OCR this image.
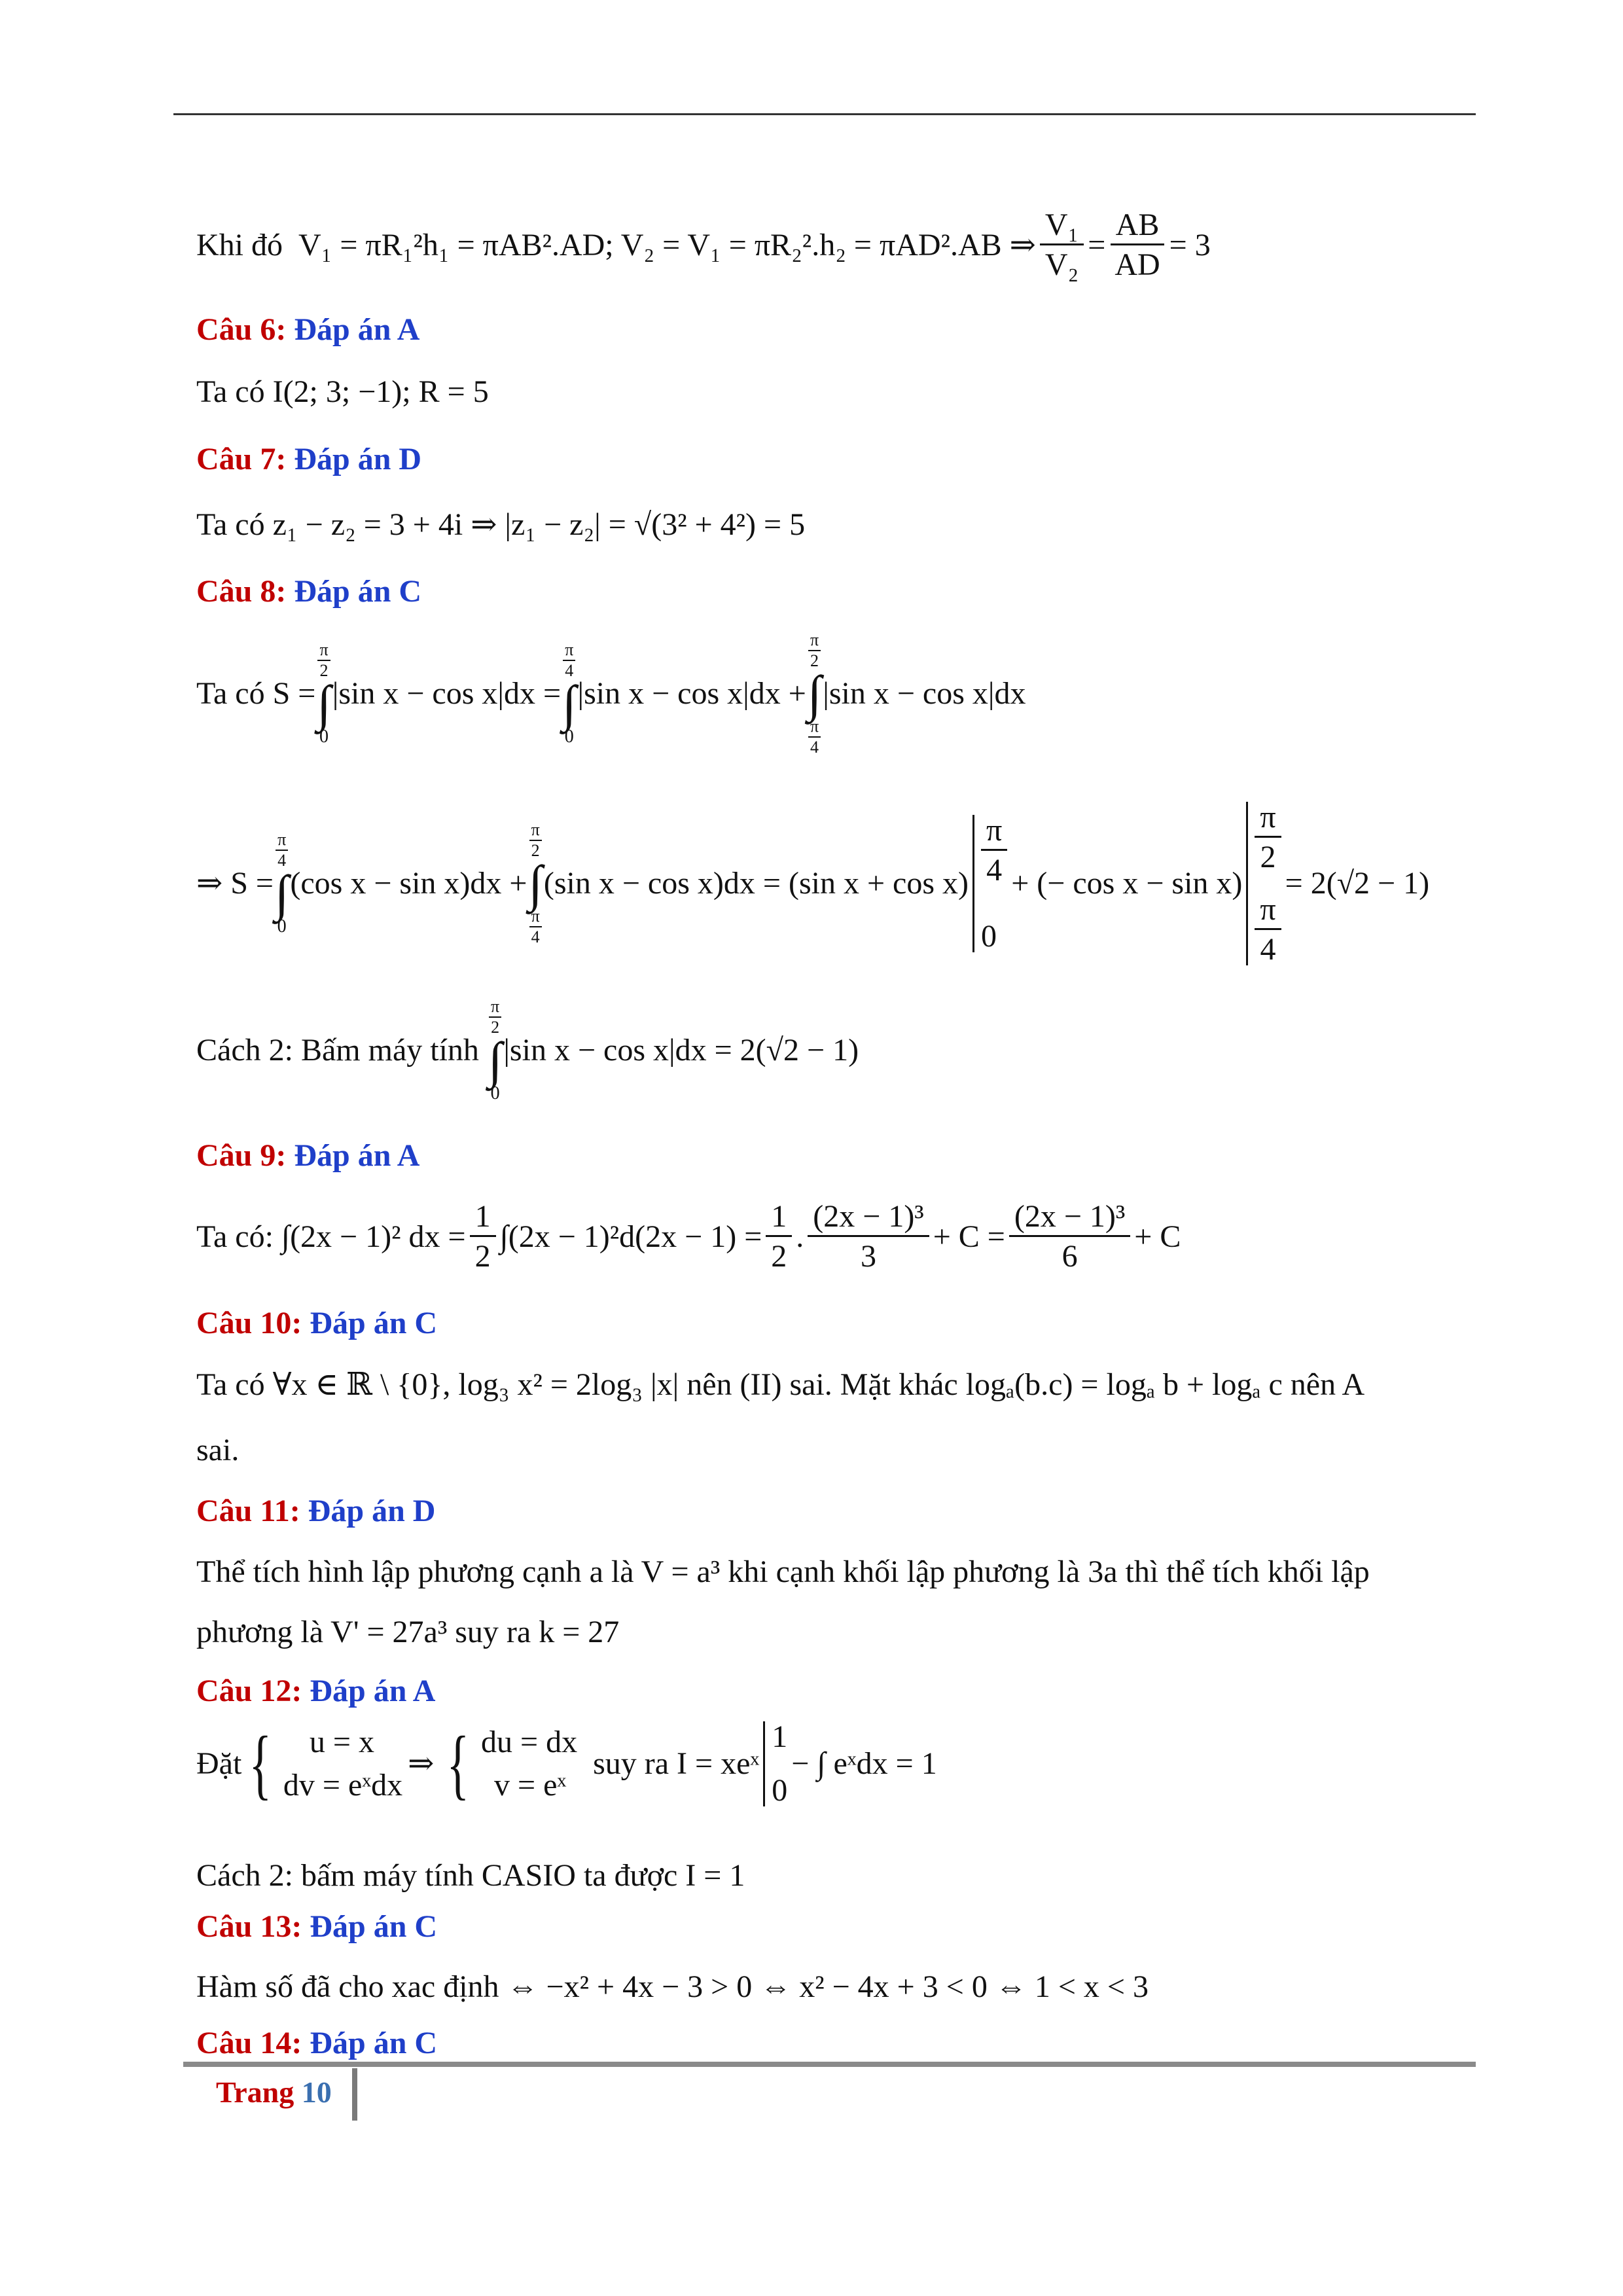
Khi đó
V₁ = πR₁²h₁ = πAB².AD; V₂ = V₁ = πR₂².h₂ = πAD².AB ⇒ $\frac{\text{V₁}}{\text{V₂}} = \frac{AB}{AD} = 3$
Câu 6: Đáp án A
Ta có I(2; 3; −1); R = 5
Câu 7: Đáp án D
Ta có z₁ − z₂ = 3 + 4i ⇒ |z₁ − z₂| = √(3² + 4²) = 5
Câu 8: Đáp án C
Ta có S =
$\frac{\pi}{2}$
∫
0
|sin x − cos x|dx
=
$\frac{\pi}{4}$
∫
0
|sin x − cos x|dx
+
$\frac{\pi}{2}$
∫
$\frac{\pi}{4}$
|sin x − cos x|dx
⇒ S =
$\frac{\pi}{4}$
∫
0
(cos x − sin x)dx +
$\frac{\pi}{2}$
∫
$\frac{\pi}{4}$
(sin x − cos x)dx = (sin $x + \cos x) \frac{\pi}{4}$
0
+ (− cos x − sin x)
$\frac{\pi}{2}$
$\frac{\pi}{4}$
= 2(√2 − 1)
Cách 2: Bấm máy tính

$\frac{\pi}{2}$
∫
0
|sin x − cos x|dx = 2(√2 − 1)
Câu 9: Đáp án A
Ta có:
∫(2x − 1)² dx = $\frac{1}{2} \int(2x - 1)^2d(2x - 1) = \frac{1}{2}$ . $\frac{\text{(2x − 1)³}}{3} + C = \frac{\text{(2x − 1)³}}{6} + C$
Câu 10: Đáp án C
Ta có ∀x ∈ ℝ \ {0}, log₃ x² = 2log₃ |x| nên (II) sai. Mặt khác logₐ(b.c) = logₐ b + logₐ c nên A
sai.
Câu 11: Đáp án D
Thể tích hình lập phương cạnh a là V = a³ khi cạnh khối lập phương là 3a thì thể tích khối lập
phương là V' = 27a³ suy ra k = 27
Câu 12: Đáp án A
Đặt {	u = x
dv = eˣdx
⇒ { du = dx
v = eˣ

suy ra I = xeˣ
1
0
− ∫ eˣdx = 1
Cách 2: bấm máy tính CASIO ta được I = 1
Câu 13: Đáp án C
Hàm số đã cho xac định ⇔ −x² + 4x − 3 > 0 ⇔ x² − 4x + 3 < 0 ⇔ 1 < x < 3
Câu 14: Đáp án C
Trang 10
